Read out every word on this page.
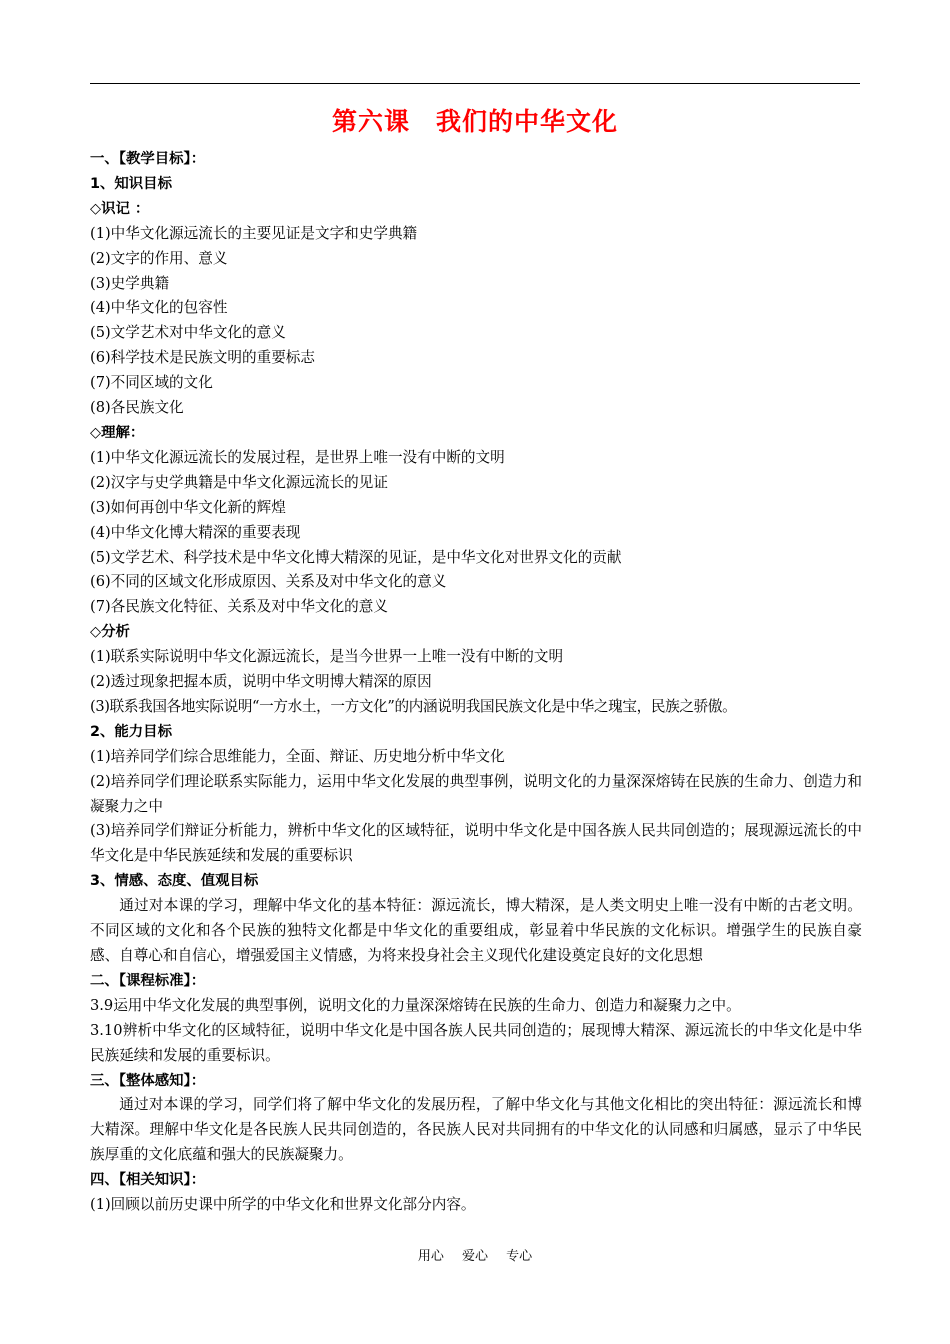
第六课　我们的中华文化

一、【教学目标】：

1、知识目标

◇识记 ：

(1)中华文化源远流长的主要见证是文字和史学典籍

(2)文字的作用、意义

(3)史学典籍

(4)中华文化的包容性

(5)文学艺术对中华文化的意义

(6)科学技术是民族文明的重要标志

(7)不同区域的文化

(8)各民族文化

◇理解：

(1)中华文化源远流长的发展过程，是世界上唯一没有中断的文明

(2)汉字与史学典籍是中华文化源远流长的见证

(3)如何再创中华文化新的辉煌

(4)中华文化博大精深的重要表现

(5)文学艺术、科学技术是中华文化博大精深的见证，是中华文化对世界文化的贡献

(6)不同的区域文化形成原因、关系及对中华文化的意义

(7)各民族文化特征、关系及对中华文化的意义

◇分析

(1)联系实际说明中华文化源远流长，是当今世界一上唯一没有中断的文明

(2)透过现象把握本质，说明中华文明博大精深的原因

(3)联系我国各地实际说明“一方水土，一方文化”的内涵说明我国民族文化是中华之瑰宝，民族之骄傲。

2、能力目标

(1)培养同学们综合思维能力，全面、辩证、历史地分析中华文化

(2)培养同学们理论联系实际能力，运用中华文化发展的典型事例，说明文化的力量深深熔铸在民族的生命力、创造力和凝聚力之中

(3)培养同学们辩证分析能力，辨析中华文化的区域特征，说明中华文化是中国各族人民共同创造的；展现源远流长的中华文化是中华民族延续和发展的重要标识

3、情感、态度、值观目标

通过对本课的学习，理解中华文化的基本特征：源远流长，博大精深，是人类文明史上唯一没有中断的古老文明。不同区域的文化和各个民族的独特文化都是中华文化的重要组成，彰显着中华民族的文化标识。增强学生的民族自豪感、自尊心和自信心，增强爱国主义情感，为将来投身社会主义现代化建设奠定良好的文化思想

二、【课程标准】：

3.9运用中华文化发展的典型事例，说明文化的力量深深熔铸在民族的生命力、创造力和凝聚力之中。

3.10辨析中华文化的区域特征，说明中华文化是中国各族人民共同创造的；展现博大精深、源远流长的中华文化是中华民族延续和发展的重要标识。

三、【整体感知】：

通过对本课的学习，同学们将了解中华文化的发展历程，了解中华文化与其他文化相比的突出特征：源远流长和博大精深。理解中华文化是各民族人民共同创造的，各民族人民对共同拥有的中华文化的认同感和归属感，显示了中华民族厚重的文化底蕴和强大的民族凝聚力。

四、【相关知识】：

(1)回顾以前历史课中所学的中华文化和世界文化部分内容。

用心 爱心 专心
